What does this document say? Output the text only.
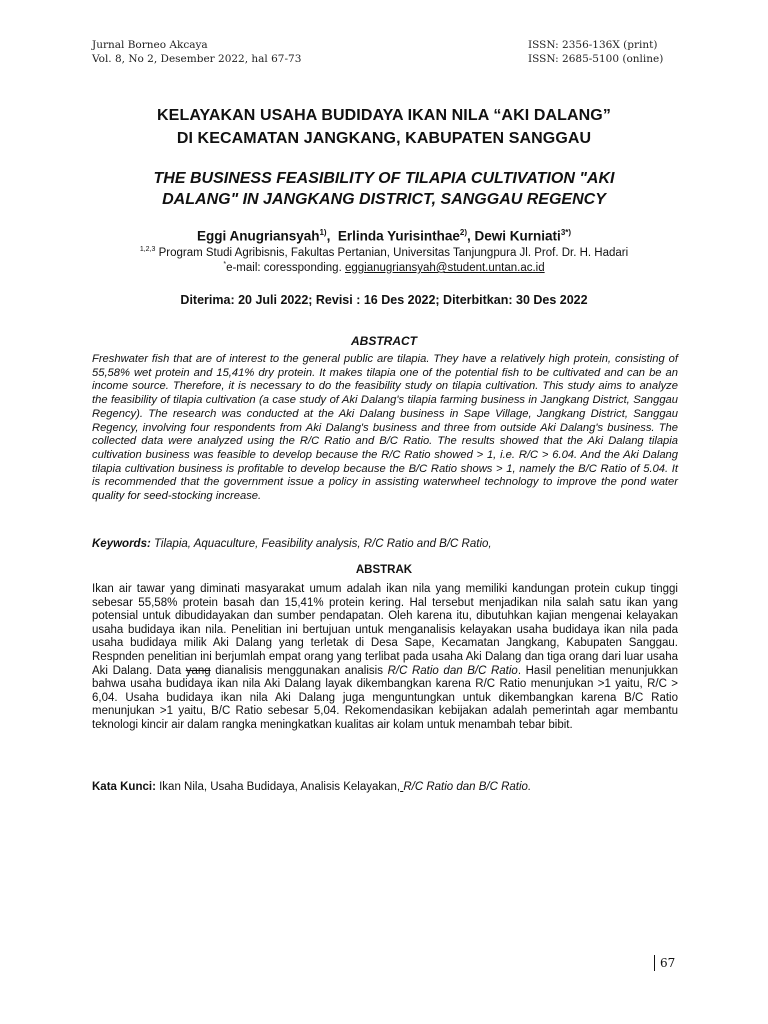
Jurnal Borneo Akcaya
Vol. 8, No 2, Desember 2022, hal 67-73
ISSN: 2356-136X (print)
ISSN: 2685-5100 (online)
KELAYAKAN USAHA BUDIDAYA IKAN NILA “AKI DALANG”
DI KECAMATAN JANGKANG, KABUPATEN SANGGAU
THE BUSINESS FEASIBILITY OF TILAPIA CULTIVATION "AKI
DALANG" IN JANGKANG DISTRICT, SANGGAU REGENCY
Eggi Anugriansyah$^{1)}$,  Erlinda Yurisinthae$^{2)}$, Dewi Kurniati$^{3*)}$
$^{1,2,3}$ Program Studi Agribisnis, Fakultas Pertanian, Universitas Tanjungpura Jl. Prof. Dr. H. Hadari
*e-mail: coressponding. eggianugriansyah@student.untan.ac.id
Diterima: 20 Juli 2022; Revisi : 16 Des 2022; Diterbitkan: 30 Des 2022
ABSTRACT

Freshwater fish that are of interest to the general public are tilapia. They have a relatively high protein, consisting of 55,58% wet protein and 15,41% dry protein. It makes tilapia one of the potential fish to be cultivated and can be an income source. Therefore, it is necessary to do the feasibility study on tilapia cultivation. This study aims to analyze the feasibility of tilapia cultivation (a case study of Aki Dalang's tilapia farming business in Jangkang District, Sanggau Regency). The research was conducted at the Aki Dalang business in Sape Village, Jangkang District, Sanggau Regency, involving four respondents from Aki Dalang's business and three from outside Aki Dalang's business. The collected data were analyzed using the R/C Ratio and B/C Ratio. The results showed that the Aki Dalang tilapia cultivation business was feasible to develop because the R/C Ratio showed > 1, i.e. R/C > 6.04. And the Aki Dalang tilapia cultivation business is profitable to develop because the B/C Ratio shows > 1, namely the B/C Ratio of 5.04. It is recommended that the government issue a policy in assisting waterwheel technology to improve the pond water quality for seed-stocking increase.

Keywords: Tilapia, Aquaculture, Feasibility analysis, R/C Ratio and B/C Ratio,
ABSTRAK

Ikan air tawar yang diminati masyarakat umum adalah ikan nila yang memiliki kandungan protein cukup tinggi sebesar 55,58% protein basah dan 15,41% protein kering. Hal tersebut menjadikan nila salah satu ikan yang potensial untuk dibudidayakan dan sumber pendapatan. Oleh karena itu, dibutuhkan kajian mengenai kelayakan usaha budidaya ikan nila. Penelitian ini bertujuan untuk menganalisis kelayakan usaha budidaya ikan nila pada usaha budidaya milik Aki Dalang yang terletak di Desa Sape, Kecamatan Jangkang, Kabupaten Sanggau. Respnden penelitian ini berjumlah empat orang yang terlibat pada usaha Aki Dalang dan tiga orang dari luar usaha Aki Dalang. Data yang dianalisis menggunakan analisis R/C Ratio dan B/C Ratio. Hasil penelitian menunjukkan bahwa usaha budidaya ikan nila Aki Dalang layak dikembangkan karena R/C Ratio menunjukan >1 yaitu, R/C > 6,04. Usaha budidaya ikan nila Aki Dalang juga menguntungkan untuk dikembangkan karena B/C Ratio menunjukan >1 yaitu, B/C Ratio sebesar 5,04. Rekomendasikan kebijakan adalah pemerintah agar membantu teknologi kincir air dalam rangka meningkatkan kualitas air kolam untuk menambah tebar bibit.

Kata Kunci: Ikan Nila, Usaha Budidaya, Analisis Kelayakan, R/C Ratio dan B/C Ratio.
67
